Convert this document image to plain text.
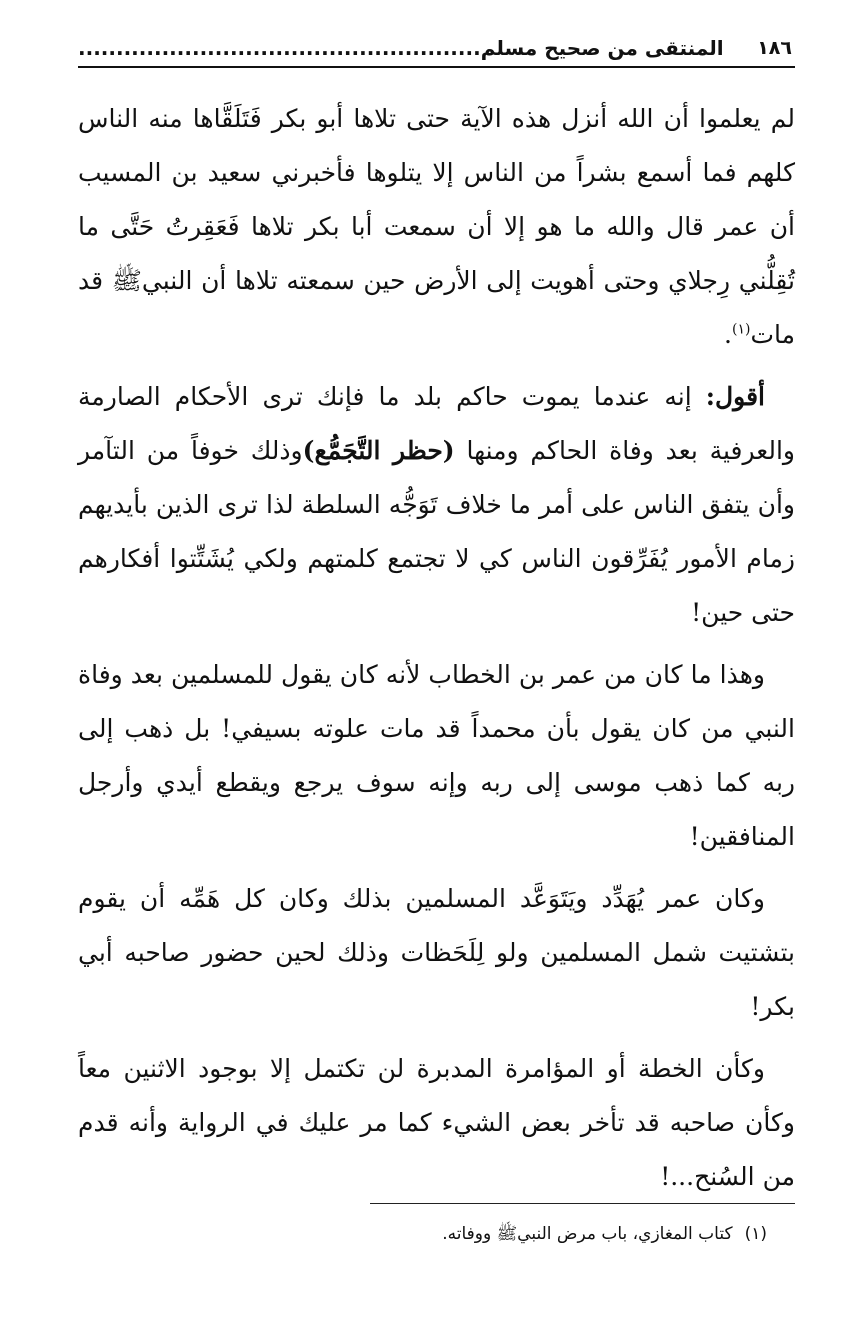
١٨٦
المنتقى من صحيح مسلم.....................................................

لم يعلموا أن الله أنزل هذه الآية حتى تلاها أبو بكر فَتَلَقَّاها منه الناس كلهم فما أسمع بشراً من الناس إلا يتلوها فأخبرني سعيد بن المسيب أن عمر قال والله ما هو إلا أن سمعت أبا بكر تلاها فَعَقِرتُ حَتَّى ما تُقِلُّني رِجلاي وحتى أهويت إلى الأرض حين سمعته تلاها أن النبيﷺ قد مات$^{(١)}$.

أقول: إنه عندما يموت حاكم بلد ما فإنك ترى الأحكام الصارمة والعرفية بعد وفاة الحاكم ومنها (حظر التَّجَمُّع)وذلك خوفاً من التآمر وأن يتفق الناس على أمر ما خلاف تَوَجُّه السلطة لذا ترى الذين بأيديهم زمام الأمور يُفَرِّقون الناس كي لا تجتمع كلمتهم ولكي يُشَتِّتوا أفكارهم حتى حين!

وهذا ما كان من عمر بن الخطاب لأنه كان يقول للمسلمين بعد وفاة النبي من كان يقول بأن محمداً قد مات علوته بسيفي! بل ذهب إلى ربه كما ذهب موسى إلى ربه وإنه سوف يرجع ويقطع أيدي وأرجل المنافقين!

وكان عمر يُهَدِّد ويَتَوَعَّد المسلمين بذلك وكان كل هَمِّه أن يقوم بتشتيت شمل المسلمين ولو لِلَحَظات وذلك لحين حضور صاحبه أبي بكر!

وكأن الخطة أو المؤامرة المدبرة لن تكتمل إلا بوجود الاثنين معاً وكأن صاحبه قد تأخر بعض الشيء كما مر عليك في الرواية وأنه قدم من السُنح...!

(١)كتاب المغازي، باب مرض النبيﷺ ووفاته.
